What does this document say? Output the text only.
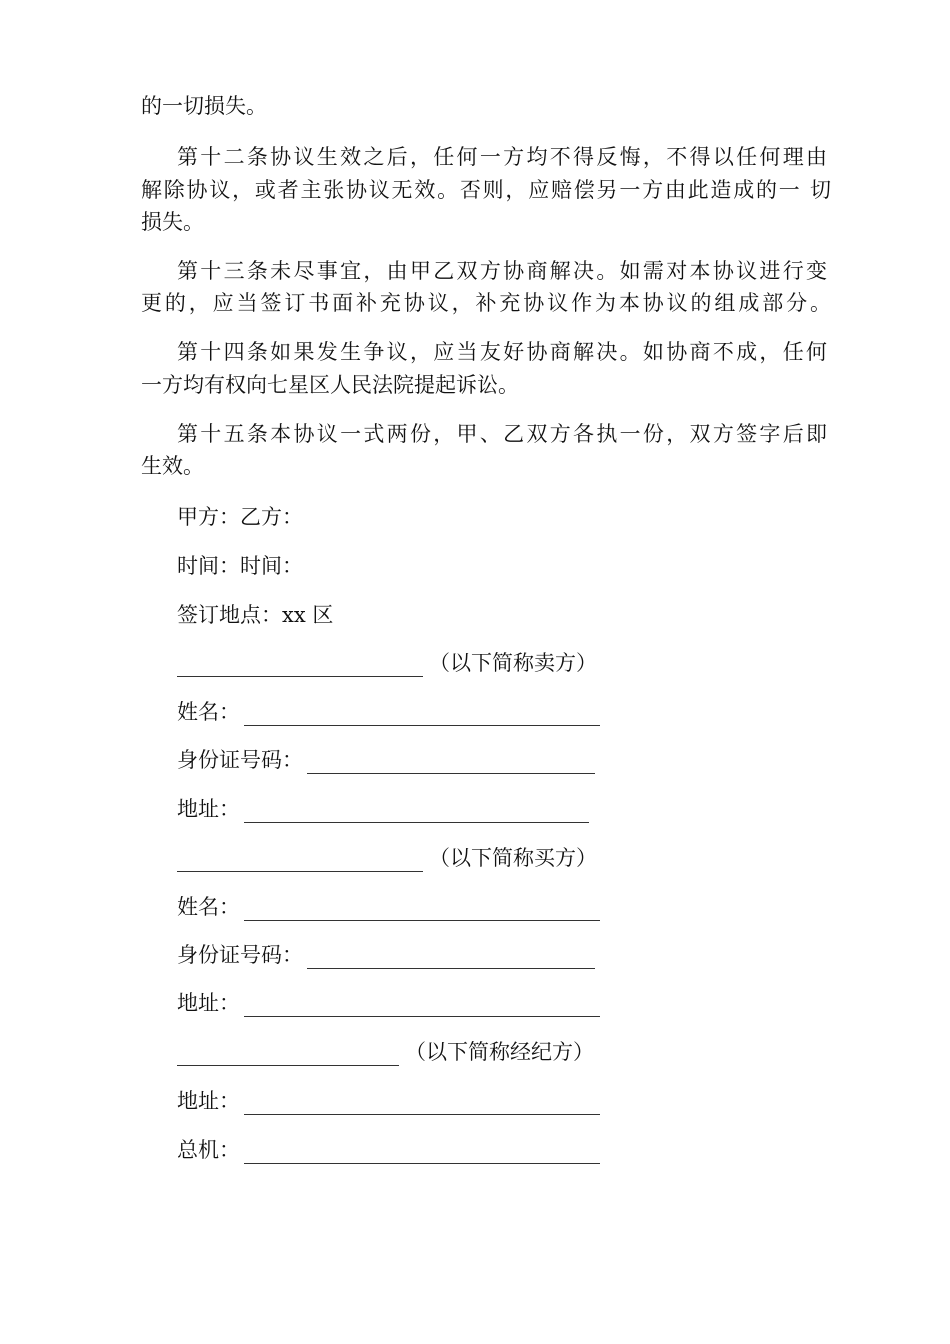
的一切损失。
第十二条协议生效之后，任何一方均不得反悔，不得以任何理由
解除协议，或者主张协议无效。否则，应赔偿另一方由此造成的一 切
损失。
第十三条未尽事宜，由甲乙双方协商解决。如需对本协议进行变
更的，应当签订书面补充协议，补充协议作为本协议的组成部分。
第十四条如果发生争议，应当友好协商解决。如协商不成，任何
一方均有权向七星区人民法院提起诉讼。
第十五条本协议一式两份，甲、乙双方各执一份，双方签字后即
生效。
甲方：乙方：
时间：时间：
签订地点：xx 区
（以下简称卖方）
姓名：
身份证号码：
地址：
（以下简称买方）
姓名：
身份证号码：
地址：
（以下简称经纪方）
地址：
总机：
